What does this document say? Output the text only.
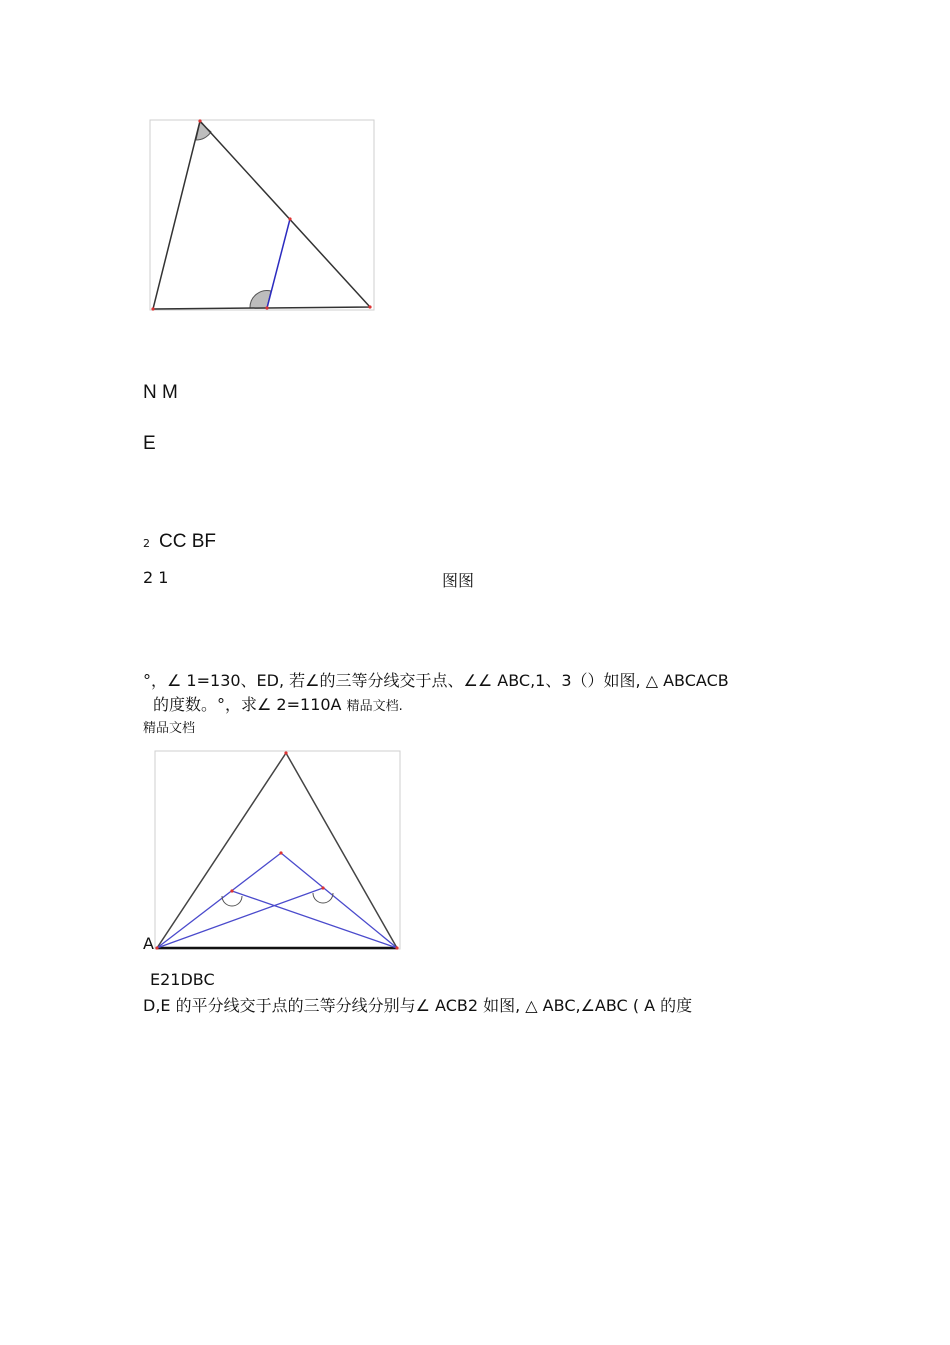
N M
E
2 CC BF
2 1	图图
°，∠ 1=130、ED, 若∠的三等分线交于点、∠∠ ABC,1、3（）如图, △ ABCACB
的度数。°，求∠ 2=110A 精品文档.
精品文档
A
E21DBC
D,E 的平分线交于点的三等分线分别与∠ ACB2 如图, △ ABC,∠ABC ( A 的度
